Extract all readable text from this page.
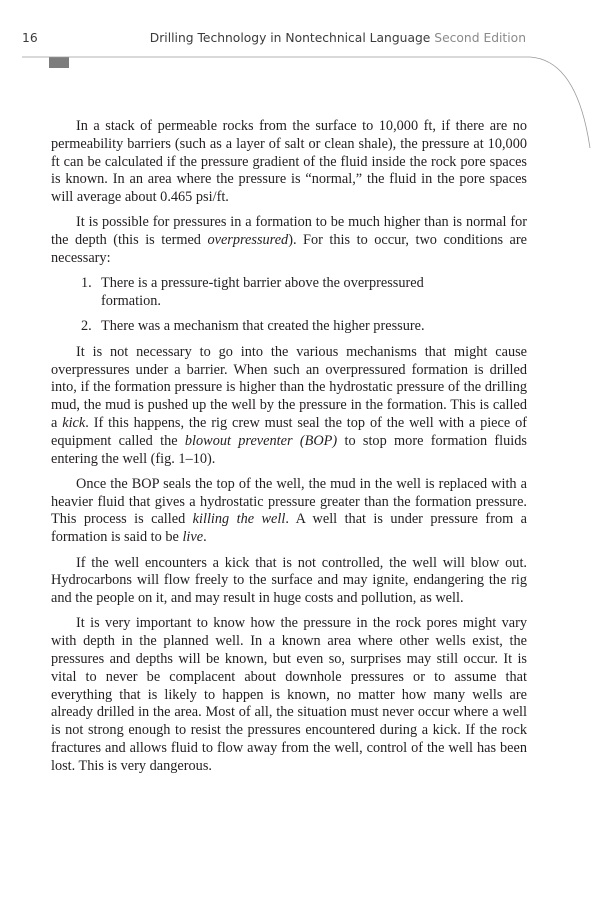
16	Drilling Technology in Nontechnical Language Second Edition

In a stack of permeable rocks from the surface to 10,000 ft, if there are no permeability barriers (such as a layer of salt or clean shale), the pressure at 10,000 ft can be calculated if the pressure gradient of the fluid inside the rock pore spaces is known. In an area where the pressure is “normal,” the fluid in the pore spaces will average about 0.465 psi/ft.

It is possible for pressures in a formation to be much higher than is normal for the depth (this is termed overpressured). For this to occur, two conditions are necessary:

1. There is a pressure-tight barrier above the overpressured formation.
2. There was a mechanism that created the higher pressure.

It is not necessary to go into the various mechanisms that might cause overpressures under a barrier. When such an overpressured formation is drilled into, if the formation pressure is higher than the hydrostatic pressure of the drilling mud, the mud is pushed up the well by the pressure in the formation. This is called a kick. If this happens, the rig crew must seal the top of the well with a piece of equipment called the blowout preventer (BOP) to stop more formation fluids entering the well (fig. 1–10).

Once the BOP seals the top of the well, the mud in the well is replaced with a heavier fluid that gives a hydrostatic pressure greater than the formation pressure. This process is called killing the well. A well that is under pressure from a formation is said to be live.

If the well encounters a kick that is not controlled, the well will blow out. Hydrocarbons will flow freely to the surface and may ignite, endangering the rig and the people on it, and may result in huge costs and pollution, as well.

It is very important to know how the pressure in the rock pores might vary with depth in the planned well. In a known area where other wells exist, the pressures and depths will be known, but even so, surprises may still occur. It is vital to never be complacent about downhole pressures or to assume that everything that is likely to happen is known, no matter how many wells are already drilled in the area. Most of all, the situation must never occur where a well is not strong enough to resist the pressures encountered during a kick. If the rock fractures and allows fluid to flow away from the well, control of the well has been lost. This is very dangerous.
